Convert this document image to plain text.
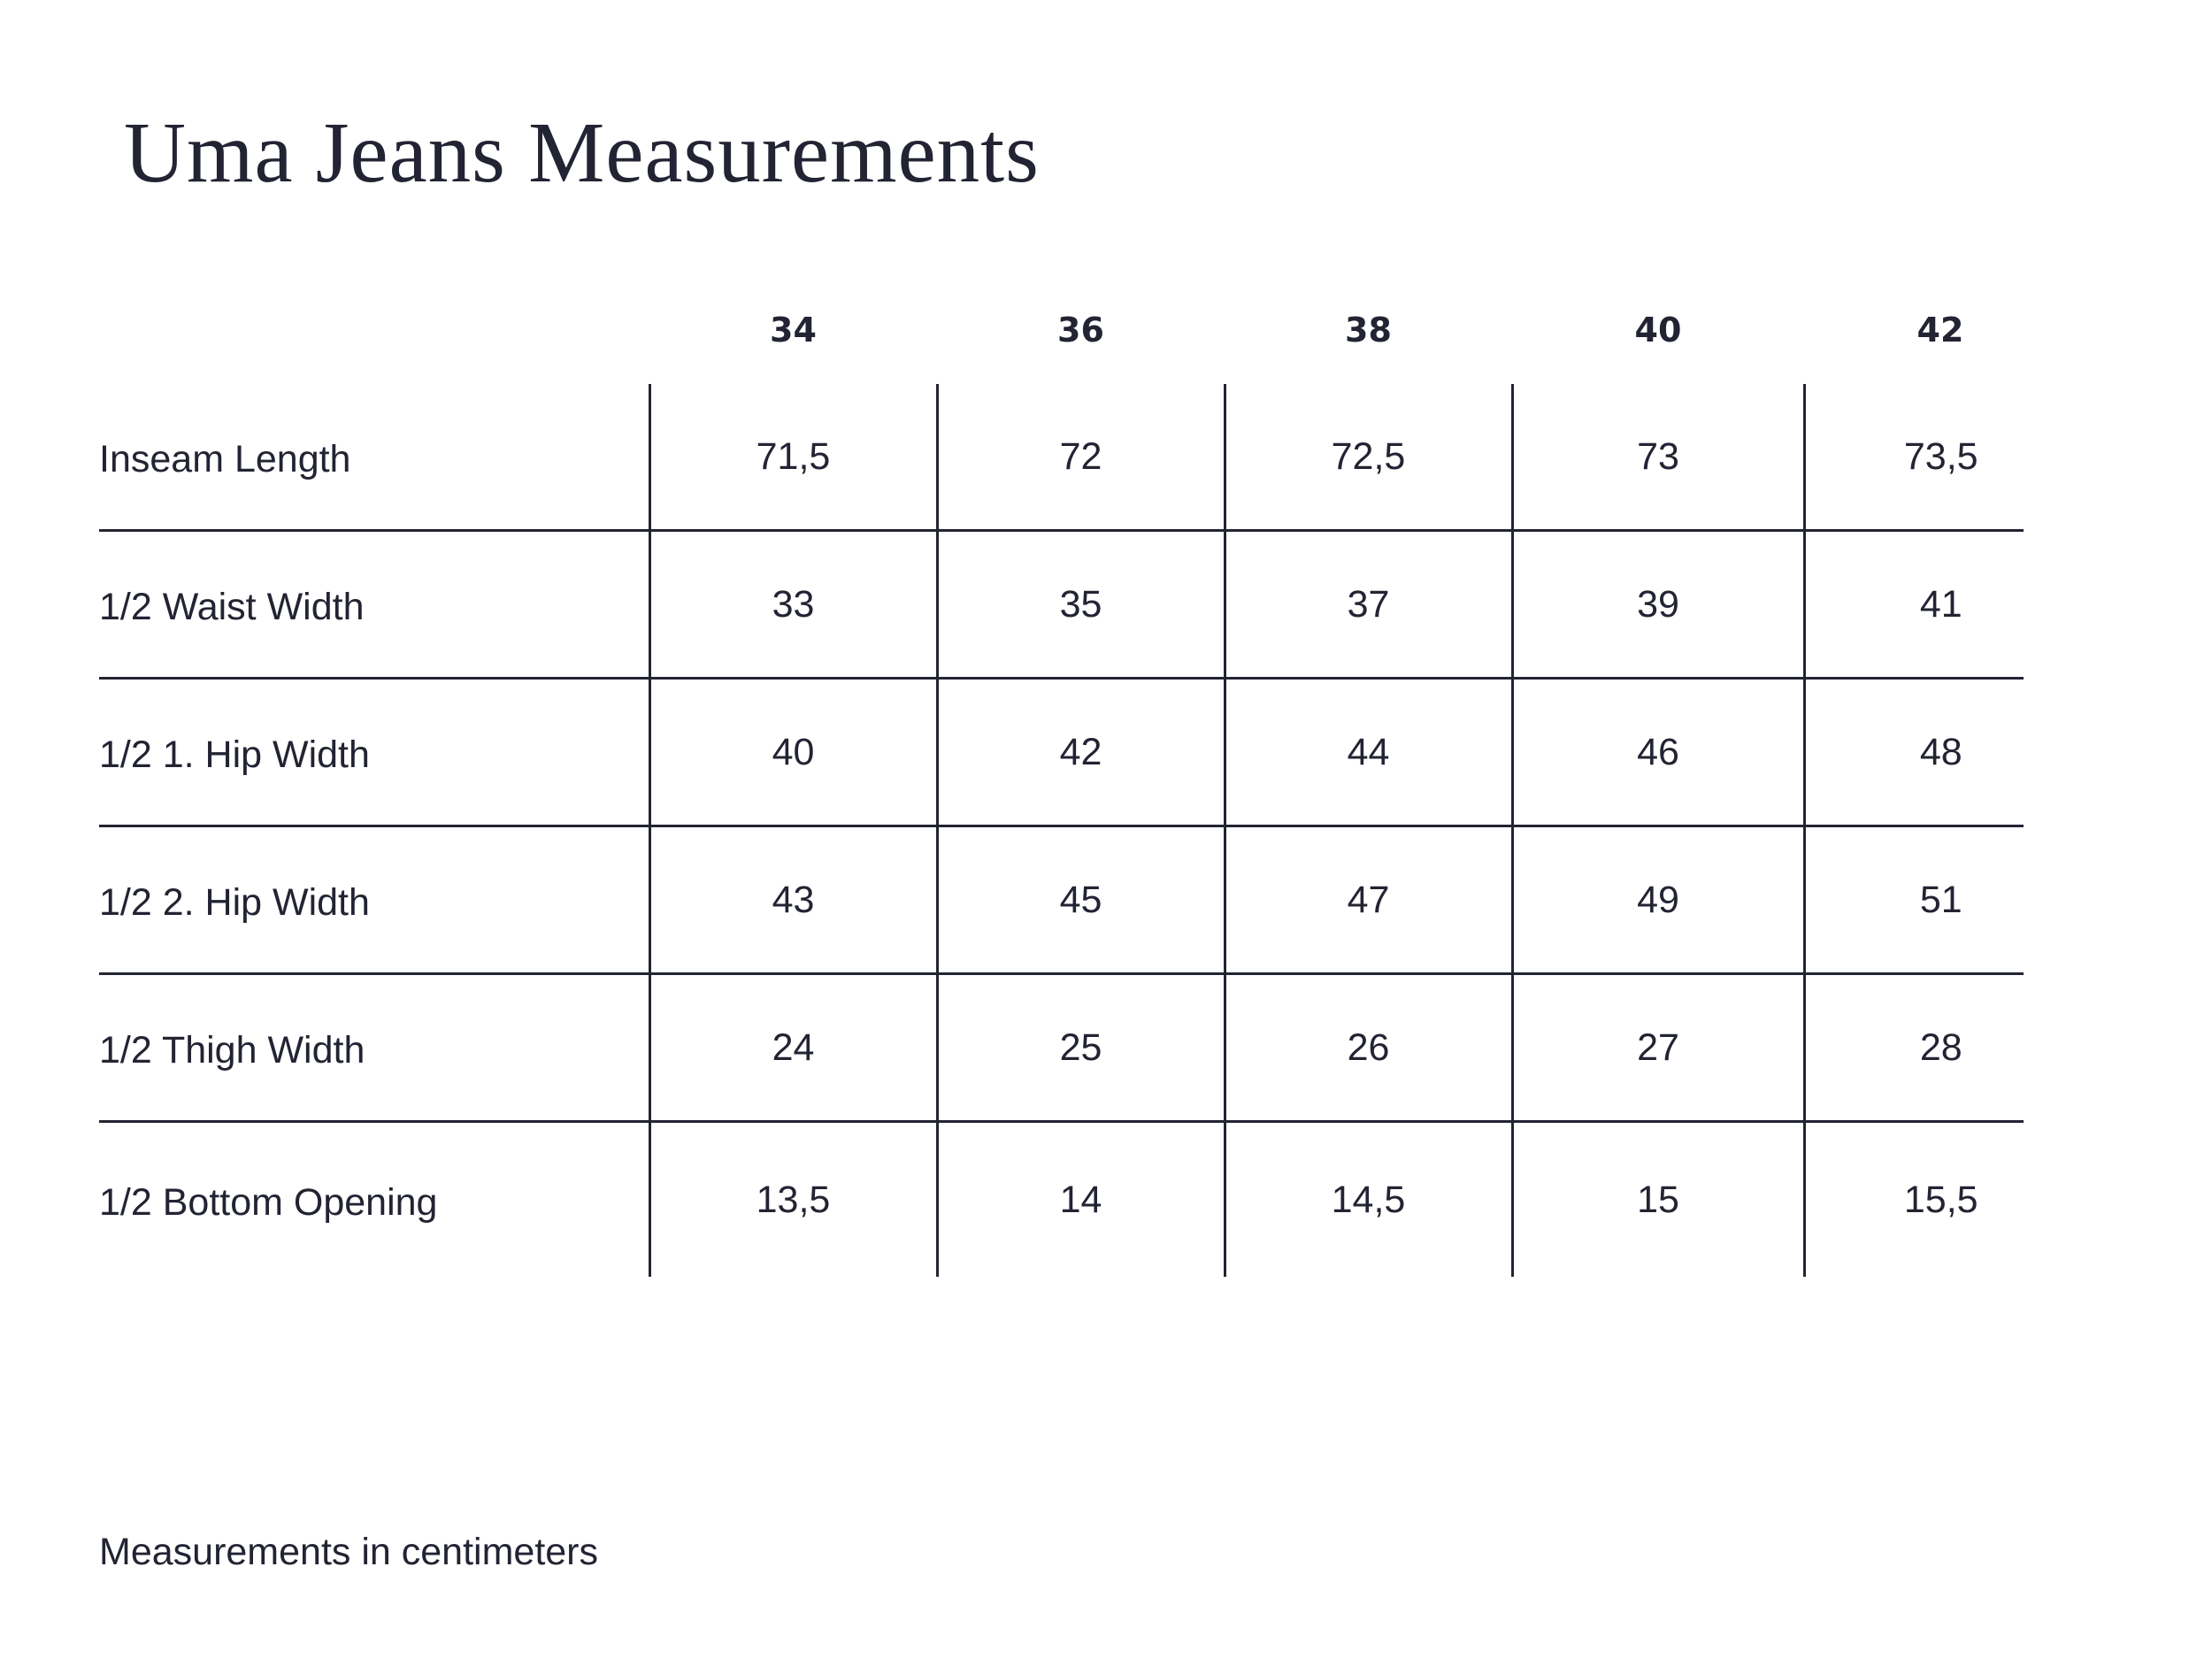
Uma Jeans Measurements
	34	36	38	40	42
Inseam Length	71,5	72	72,5	73	73,5
1/2 Waist Width	33	35	37	39	41
1/2 1. Hip Width	40	42	44	46	48
1/2 2. Hip Width	43	45	47	49	51
1/2 Thigh Width	24	25	26	27	28
1/2 Bottom Opening	13,5	14	14,5	15	15,5

Measurements in centimeters
